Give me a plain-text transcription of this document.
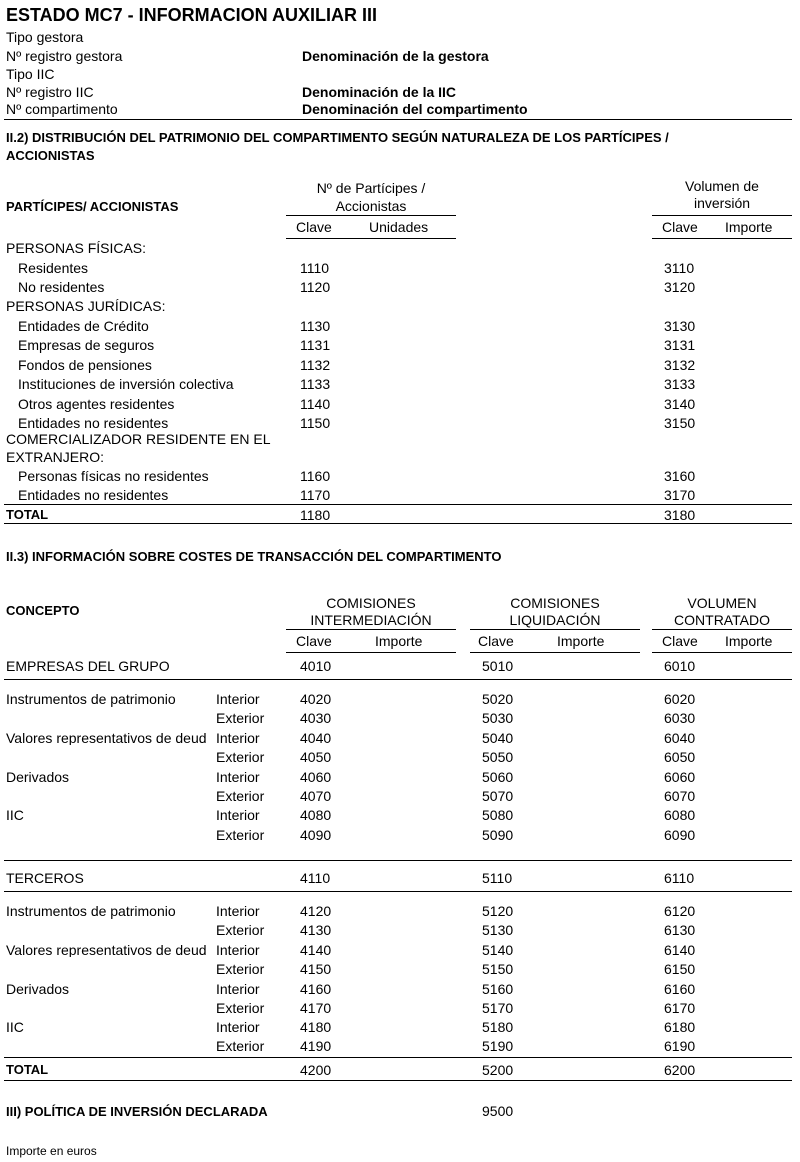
ESTADO MC7 - INFORMACION AUXILIAR III
Tipo gestora
Nº registro gestora	Denominación de la gestora
Tipo IIC
Nº registro IIC	Denominación de la IIC
Nº compartimento	Denominación del compartimento
II.2) DISTRIBUCIÓN DEL PATRIMONIO DEL COMPARTIMENTO SEGÚN NATURALEZA DE LOS PARTÍCIPES /
ACCIONISTAS
PARTÍCIPES/ ACCIONISTAS
Nº de Partícipes /
Accionistas
Volumen de
inversión
Clave	Unidades	Clave Importe
PERSONAS FÍSICAS:
Residentes	1110	3110
No residentes	1120	3120
PERSONAS JURÍDICAS:
Entidades de Crédito	1130	3130
Empresas de seguros	1131	3131
Fondos de pensiones	1132	3132
Instituciones de inversión colectiva	1133	3133
Otros agentes residentes	1140	3140
Entidades no residentes	1150	3150
COMERCIALIZADOR RESIDENTE EN EL
EXTRANJERO:
Personas físicas no residentes	1160	3160
Entidades no residentes	1170	3170
TOTAL	1180	3180
II.3) INFORMACIÓN SOBRE COSTES DE TRANSACCIÓN DEL COMPARTIMENTO
CONCEPTO	COMISIONES
INTERMEDIACIÓN
COMISIONES
LIQUIDACIÓN
VOLUMEN
CONTRATADO
Clave	Importe	Clave	Importe	Clave Importe
EMPRESAS DEL GRUPO	4010	5010	6010
Instrumentos de patrimonio	Interior	4020	5020	6020
Exterior	4030	5030	6030
Valores representativos de deud Interior	4040	5040	6040
Exterior	4050	5050	6050
Derivados	Interior	4060	5060	6060
Exterior	4070	5070	6070
IIC	Interior	4080	5080	6080
Exterior	4090	5090	6090
TERCEROS	4110	5110	6110
Instrumentos de patrimonio	Interior	4120	5120	6120
Exterior	4130	5130	6130
Valores representativos de deud Interior	4140	5140	6140
Exterior	4150	5150	6150
Derivados	Interior	4160	5160	6160
Exterior	4170	5170	6170
IIC	Interior	4180	5180	6180
Exterior	4190	5190	6190
TOTAL	4200	5200	6200
III) POLÍTICA DE INVERSIÓN DECLARADA	9500
Importe en euros
